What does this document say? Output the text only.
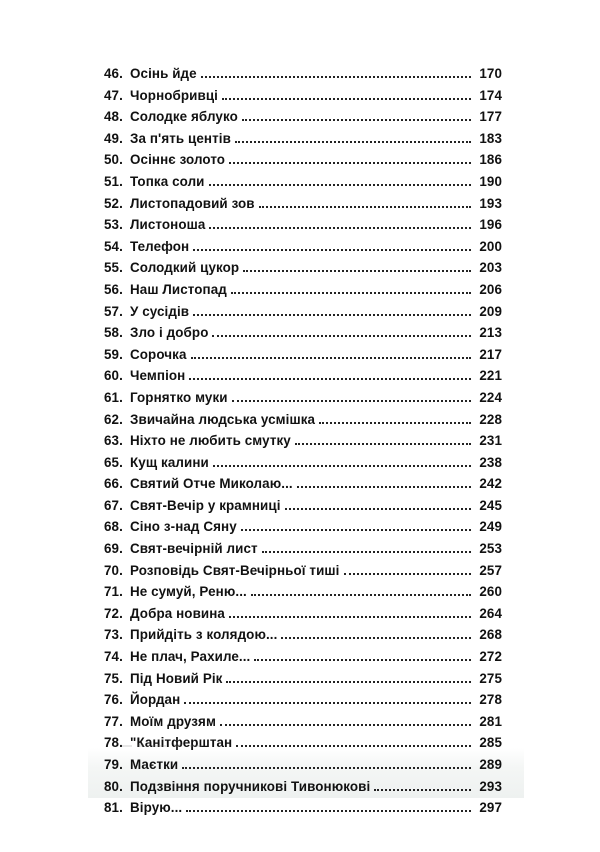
46. Осінь йде	170
47. Чорнобривці	174
48. Солодке яблуко	177
49. За п'ять центів	183
50. Осіннє золото	186
51. Топка соли	190
52. Листопадовий зов	193
53. Листоноша	196
54. Телефон	200
55. Солодкий цукор	203
56. Наш Листопад	206
57. У сусідів	209
58. Зло і добро	213
59. Сорочка	217
60. Чемпіон	221
61. Горнятко муки	224
62. Звичайна людська усмішка	228
63. Ніхто не любить смутку	231
65. Кущ калини	238
66. Святий Отче Миколаю...	242
67. Свят-Вечір у крамниці	245
68. Сіно з-над Сяну	249
69. Свят-вечірній лист	253
70. Розповідь Свят-Вечірньої тиші	257
71. Не сумуй, Реню...	260
72. Добра новина	264
73. Прийдіть з колядою...	268
74. Не плач, Рахиле...	272
75. Під Новий Рік	275
76. Йордан	278
77. Моїм друзям	281
78. "Канітферштан	285
79. Маєтки	289
80. Подзвіння поручникові Тивонюкові	293
81. Вірую...	297
